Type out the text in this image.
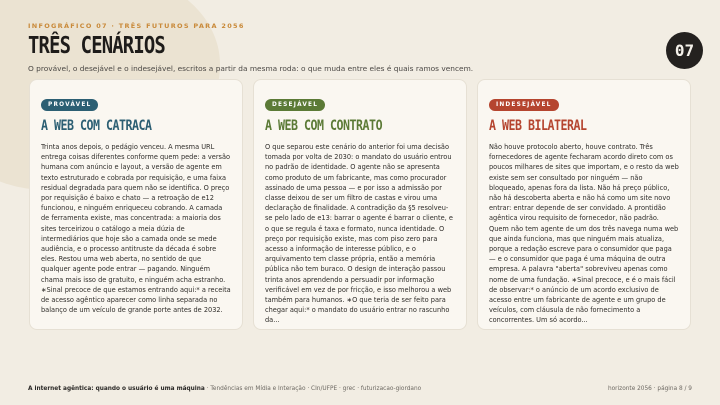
INFOGRÁFICO 07 · TRÊS FUTUROS PARA 2056
TRÊS CENÁRIOS
O provável, o desejável e o indesejável, escritos a partir da mesma roda: o que muda entre eles é quais ramos vencem.
07
PROVÁVEL
A WEB COM CATRACA
Trinta anos depois, o pedágio venceu. A mesma URL entrega coisas diferentes conforme quem pede: a versão humana com anúncio e layout, a versão de agente em texto estruturado e cobrada por requisição, e uma faixa residual degradada para quem não se identifica. O preço por requisição é baixo e chato — a retroação de e12 funcionou, e ninguém enriqueceu cobrando. A camada de ferramenta existe, mas concentrada: a maioria dos sites terceirizou o catálogo a meia dúzia de intermediários que hoje são a camada onde se mede audiência, e o processo antitruste da década é sobre eles. Restou uma web aberta, no sentido de que qualquer agente pode entrar — pagando. Ninguém chama mais isso de gratuito, e ninguém acha estranho. ∗Sinal precoce de que estamos entrando aqui:* a receita de acesso agêntico aparecer como linha separada no balanço de um veículo de grande porte antes de 2032.
DESEJÁVEL
A WEB COM CONTRATO
O que separou este cenário do anterior foi uma decisão tomada por volta de 2030: o mandato do usuário entrou no padrão de identidade. O agente não se apresenta como produto de um fabricante, mas como procurador assinado de uma pessoa — e por isso a admissão por classe deixou de ser um filtro de castas e virou uma declaração de finalidade. A contradição da §5 resolveu-se pelo lado de e13: barrar o agente é barrar o cliente, e o que se regula é taxa e formato, nunca identidade. O preço por requisição existe, mas com piso zero para acesso a informação de interesse público, e o arquivamento tem classe própria, então a memória pública não tem buraco. O design de interação passou trinta anos aprendendo a persuadir por informação verificável em vez de por fricção, e isso melhorou a web também para humanos. ∗O que teria de ser feito para chegar aqui:* o mandato do usuário entrar no rascunho da...
INDESEJÁVEL
A WEB BILATERAL
Não houve protocolo aberto, houve contrato. Três fornecedores de agente fecharam acordo direto com os poucos milhares de sites que importam, e o resto da web existe sem ser consultado por ninguém — não bloqueado, apenas fora da lista. Não há preço público, não há descoberta aberta e não há como um site novo entrar: entrar depende de ser convidado. A prontidão agêntica virou requisito de fornecedor, não padrão. Quem não tem agente de um dos três navega numa web que ainda funciona, mas que ninguém mais atualiza, porque a redação escreve para o consumidor que paga — e o consumidor que paga é uma máquina de outra empresa. A palavra "aberta" sobreviveu apenas como nome de uma fundação. ∗Sinal precoce, e é o mais fácil de observar:* o anúncio de um acordo exclusivo de acesso entre um fabricante de agente e um grupo de veículos, com cláusula de não fornecimento a concorrentes. Um só acordo...
A internet agêntica: quando o usuário é uma máquina · Tendências em Mídia e Interação · CIn/UFPE · grec · futurizacao-giordano	horizonte 2056 · página 8 / 9
